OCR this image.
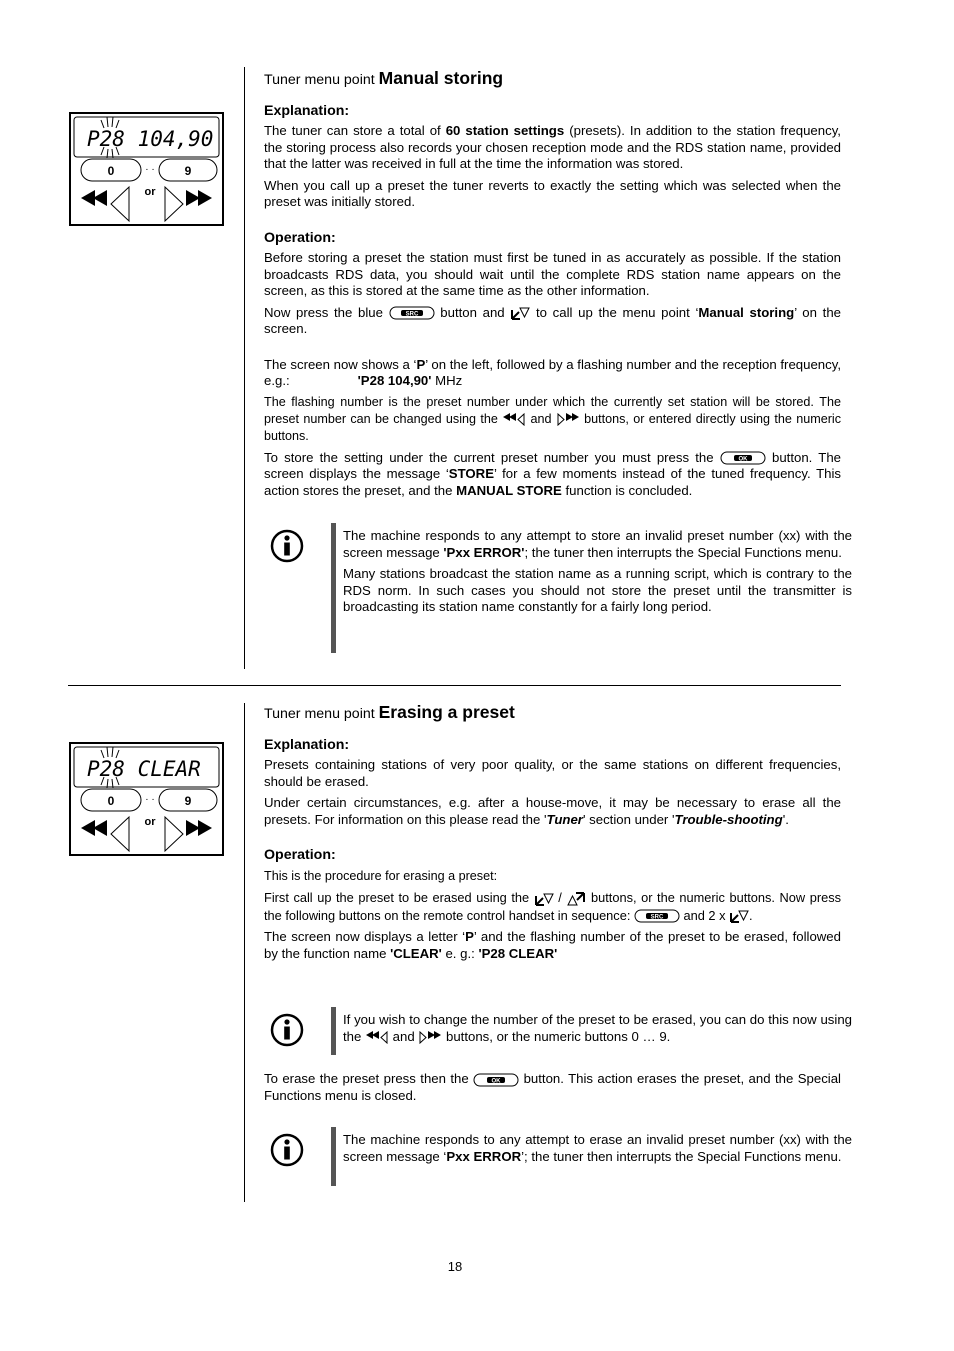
P28 104,90
0	· · 9
or
Tuner menu point Manual storing
Explanation:

The tuner can store a total of 60 station settings (presets). In addition to the station frequency, the storing process also records your chosen reception mode and the RDS station name, provided that the latter was received in full at the time the information was stored.

When you call up a preset the tuner reverts to exactly the setting which was selected when the preset was initially stored.

Operation:

Before storing a preset the station must first be tuned in as accurately as possible. If the station broadcasts RDS data, you should wait until the complete RDS station name appears on the screen, as this is stored at the same time as the other information.

Now press the blue	SRC button and  to call up the menu point ‘Manual storing’ on the screen.

The screen now shows a ‘P’ on the left, followed by a flashing number and the reception frequency, e.g.:	'P28 104,90' MHz

The flashing number is the preset number under which the currently set station will be stored. The preset number can be changed using the  and  buttons, or entered directly using the numeric buttons.

To store the setting under the current preset number you must press the	OK button. The screen displays the message ‘STORE’ for a few moments instead of the tuned frequency. This action stores the preset, and the MANUAL STORE function is concluded.

The machine responds to any attempt to store an invalid preset number (xx) with the screen message 'Pxx ERROR'; the tuner then interrupts the Special Functions menu.

Many stations broadcast the station name as a running script, which is contrary to the RDS norm. In such cases you should not store the preset until the transmitter is broadcasting its station name constantly for a fairly long period.

P28 CLEAR
0	· · 9
or
Tuner menu point Erasing a preset
Explanation:

Presets containing stations of very poor quality, or the same stations on different frequencies, should be erased.

Under certain circumstances, e.g. after a house-move, it may be necessary to erase all the presets. For information on this please read the 'Tuner' section under 'Trouble-shooting'.

Operation:

This is the procedure for erasing a preset:

First call up the preset to be erased using the  /  buttons, or the numeric buttons. Now press the following buttons on the remote control handset in sequence:	SRC and 2 x .

The screen now displays a letter ‘P’ and the flashing number of the preset to be erased, followed by the function name 'CLEAR' e. g.: 'P28 CLEAR'

If you wish to change the number of the preset to be erased, you can do this now using the  and  buttons, or the numeric buttons 0 … 9.

To erase the preset press then the	OK button. This action erases the preset, and the Special Functions menu is closed.

The machine responds to any attempt to erase an invalid preset number (xx) with the screen message ‘Pxx ERROR’; the tuner then interrupts the Special Functions menu.

18
